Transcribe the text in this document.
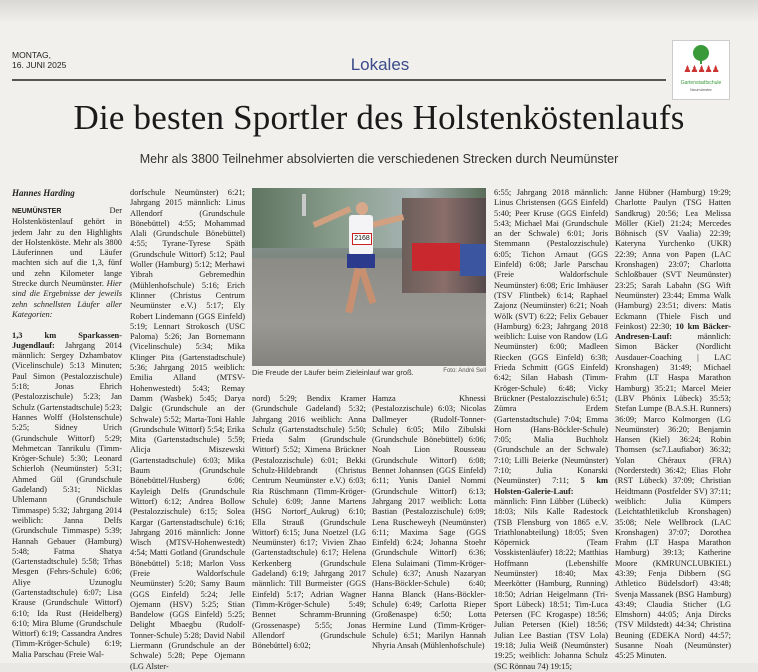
MONTAG,
16. JUNI 2025	Lokales	♟♟♟♟♟
Gartenstadtschule
Neumünster
Die besten Sportler des Holstenköstenlaufs
Mehr als 3800 Teilnehmer absolvierten die verschiedenen Strecken durch Neumünster
Hannes Harding
NEUMÜNSTER Der Holstenköstenlauf gehört in jedem Jahr zu den Highlights der Holstenköste. Mehr als 3800 Läuferinnen und Läufer machten sich auf die 1,3, fünf und zehn Kilometer lange Strecke durch Neumünster. Hier sind die Ergebnisse der jeweils zehn schnellsten Läufer aller Kategorien:

1,3 km Sparkassen-Jugendlauf: Jahrgang 2014 männlich: Sergey Dzhambatov (Vicelinschule) 5:13 Minuten; Paul Simon (Pestalozzischule) 5:18; Jonas Ehrich (Pestalozzischule) 5:23; Jan Schulz (Gartenstadtschule) 5:23; Hannes Wolff (Holstenschule) 5:25; Sidney Urich (Grundschule Wittorf) 5:29; Mehmetcan Tanrikulu (Timm-Kröger-Schule) 5:30; Leonard Schierloh (Neumünster) 5:31; Ahmed Gül (Grundschule Gadeland) 5:31; Nicklas Uhlemann (Grundschule Timmaspe) 5:32; Jahrgang 2014 weiblich: Janna Delfs (Grundschule Timmaspe) 5:39; Hannah Gebauer (Hamburg) 5:48; Fatma Shatya (Gartenstadtschule) 5:58; Trhas Mesgen (Fehrs-Schule) 6:06; Aliye Uzunoglu (Gartenstadtschule) 6:07; Lisa Krause (Grundschule Wittorf) 6:10; Ida Rust (Heidelberg) 6:10; Mira Blume (Grundschule Wittorf) 6:19; Cassandra Andres (Timm-Kröger-Schule) 6:19; Malia Parschau (Freie Wal-
dorfschule Neumünster) 6:21; Jahrgang 2015 männlich: Linus Allendorf (Grundschule Bönebüttel) 4:55; Mohammad Alali (Grundschule Bönebüttel) 4:55; Tyrane-Tyrese Späth (Grundschule Wittorf) 5:12; Paul Woller (Hamburg) 5:12; Merhawi Yibrah Gebremedhin (Mühlenhofschule) 5:16; Erich Klinner (Christus Centrum Neumünster e.V.) 5:17; Ely Robert Lindemann (GGS Einfeld) 5:19; Lennart Strokosch (USC Paloma) 5:26; Jan Bornemann (Vicelinschule) 5:34; Mika Klinger Pita (Gartenstadtschule) 5:36; Jahrgang 2015 weiblich: Emilia Alland (MTSV-Hohenwestedt) 5:43; Remay Damm (Wasbek) 5:45; Darya Dalgic (Grundschule an der Schwale) 5:52; Marta-Toni Hahle (Grundschule Wittorf) 5:54; Erika Mita (Gartenstadtschule) 5:59; Alicja Miszewski (Gartenstadtschule) 6:03; Mika Baum (Grundschule Bönebüttel/Husberg) 6:06; Kayleigh Delfs (Grundschule Wittorf) 6:12; Andrea Bollow (Pestalozzischule) 6:15; Solea Kargar (Gartenstadtschule) 6:16; Jahrgang 2016 männlich: Jonne Wisch (MTSV-Hohenwestedt) 4:54; Matti Gotland (Grundschule Bönebüttel) 5:18; Marlon Voss (Freie Waldorfschule Neumünster) 5:20; Samy Baum (GGS Einfeld) 5:24; Jelle Ojemann (HSV) 5:25; Stian Bandelow (GGS Einfeld) 5:25; Delight Mbaegbu (Rudolf-Tonner-Schule) 5:28; David Nabil Liermann (Grundschule an der Schwale) 5:28; Pepe Ojemann (LG Alster-
2168
Die Freude der Läufer beim Zieleinlauf war groß.	Foto: André Sell
nord) 5:29; Bendix Kramer (Grundschule Gadeland) 5:32; Jahrgang 2016 weiblich: Anna Schulz (Gartenstadtschule) 5:50; Frieda Salm (Grundschule Wittorf) 5:52; Ximena Brückner (Pestalozzischule) 6:01; Bekki Schulz-Hildebrandt (Christus Centrum Neumünster e.V.) 6:03; Ria Rüschmann (Timm-Kröger-Schule) 6:09; Janne Martens (HSG Nortorf_Aukrug) 6:10; Ella Strauß (Grundschule Wittorf) 6:15; Juna Noetzel (LG Neumünster) 6:17; Vivien Zhao (Gartenstadtschule) 6:17; Helena Kerkenberg (Grundschule Gadeland) 6:19; Jahrgang 2017 männlich: Till Burmeister (GGS Einfeld) 5:17; Adrian Wagner (Timm-Kröger-Schule) 5:49; Bennet Schramm-Brunning (Grossenaspe) 5:55; Jonas Allendorf (Grundschule Bönebüttel) 6:02;
Hamza Khnessi (Pestalozzischule) 6:03; Nicolas Dallmeyer (Rudolf-Tonner-Schule) 6:05; Milo Zibulski (Grundschule Bönebüttel) 6:06; Noah Lion Rousseau (Grundschule Wittorf) 6:08; Bennet Johannsen (GGS Einfeld) 6:11; Yunis Daniel Nommi (Grundschule Wittorf) 6:13; Jahrgang 2017 weiblich: Lotta Bastian (Pestalozzischule) 6:09; Lena Ruscheweyh (Neumünster) 6:11; Maxima Sage (GGS Einfeld) 6:24; Johanna Stoehr (Grundschule Wittorf) 6:36; Elena Sulaimani (Timm-Kröger-Schule) 6:37; Anush Nazaryan (Hans-Böckler-Schule) 6:40; Hanna Blanck (Hans-Böckler-Schule) 6:49; Carlotta Rieper (Großenaspe) 6:50; Lotta Hermine Lund (Timm-Kröger-Schule) 6:51; Marilyn Hannah Nhyria Ansah (Mühlenhofschule)
6:55; Jahrgang 2018 männlich: Linus Christensen (GGS Einfeld) 5:40; Peer Kruse (GGS Einfeld) 5:43; Michael Mai (Grundschule an der Schwale) 6:01; Joris Stemmann (Pestalozzischule) 6:05; Tichon Arnaut (GGS Einfeld) 6:08; Jarle Parschau (Freie Waldorfschule Neumünster) 6:08; Eric Imhäuser (TSV Flintbek) 6:14; Raphael Zajonz (Neumünster) 6:21; Noah Wölk (SVT) 6:22; Felix Gebauer (Hamburg) 6:23; Jahrgang 2018 weiblich: Luise von Randow (LG Neumünster) 6:00; Madleen Riecken (GGS Einfeld) 6:38; Frieda Schmitt (GGS Einfeld) 6:42; Silan Habash (Timm-Kröger-Schule) 6:48; Vicky Brückner (Pestalozzischule) 6:51; Zümra Erdem (Gartenstadtschule) 7:04; Emma Horn (Hans-Böckler-Schule) 7:05; Malia Buchholz (Grundschule an der Schwale) 7:10; Lilli Beierke (Neumünster) 7:10; Julia Konarski (Neumünster) 7:11; 5 km Holsten-Galerie-Lauf: männlich: Finn Lübber (Lübeck) 18:03; Nils Kalle Radestock (TSB Flensburg von 1865 e.V. Triathlonabteilung) 18:05; Sven Köpernick (Team Vosskistenläufer) 18:22; Matthias Hoffmann (Lebenshilfe Neumünster) 18:40; Max Meerkötter (Hamburg, Running) 18:50; Adrian Heigelmann (Tri-Sport Lübeck) 18:51; Tim-Luca Petersen (FC Krogaspe) 18:56; Julian Petersen (Kiel) 18:56; Julian Lee Bastian (TSV Lola) 19:18; Julia Weiß (Neumünster) 19:25; weiblich: Johanna Schulz (SC Rönnau 74) 19:15;
Janne Hübner (Hamburg) 19:29; Charlotte Paulyn (TSG Hatten Sandkrug) 20:56; Lea Melissa Möller (Kiel) 21:24; Mercedes Böhnisch (SV Vaalia) 22:39; Kateryna Yurchenko (UKR) 22:39; Anna von Papen (LAC Kronshagen) 23:07; Charlotta Schloßbauer (SVT Neumünster) 23:25; Sarah Labahn (SG Wift Neumünster) 23:44; Emma Walk (Hamburg) 23:51; divers: Matis Eckmann (Thiele Fisch und Feinkost) 22:30; 10 km Bäcker-Andresen-Lauf: männlich: Simon Bäcker (Nordlicht Ausdauer-Coaching | LAC Kronshagen) 31:49; Michael Frahm (LT Haspa Marathon Hamburg) 35:21; Marcel Meier (LBV Phönix Lübeck) 35:53; Stefan Lumpe (B.A.S.H. Runners) 36:09; Marco Kolmorgen (LG Neumünster) 36:20; Benjamin Hansen (Kiel) 36:24; Robin Thomsen (sc7.Laufiabor) 36:32; Yolan Chéraux (FRA) (Norderstedt) 36:42; Elias Flohr (RST Lübeck) 37:09; Christian Heidtmann (Postfelder SV) 37:11; weiblich: Julia Kümpers (Leichtathletikclub Kronshagen) 35:08; Nele Wellbrock (LAC Kronshagen) 37:07; Dorothea Frahm (LT Haspa Marathon Hamburg) 39:13; Katherine Moore (KMRUNCLUBKIEL) 43:39; Fenja Dibbern (SG Athletico Büdelsdorf) 43:48; Svenja Massanek (BSG Hamburg) 43:49; Claudia Sticher (LG Elmshorn) 44:05; Anja Dircks (TSV Mildstedt) 44:34; Christina Beuning (EDEKA Nord) 44:57; Susanne Noah (Neumünster) 45:25 Minuten.
